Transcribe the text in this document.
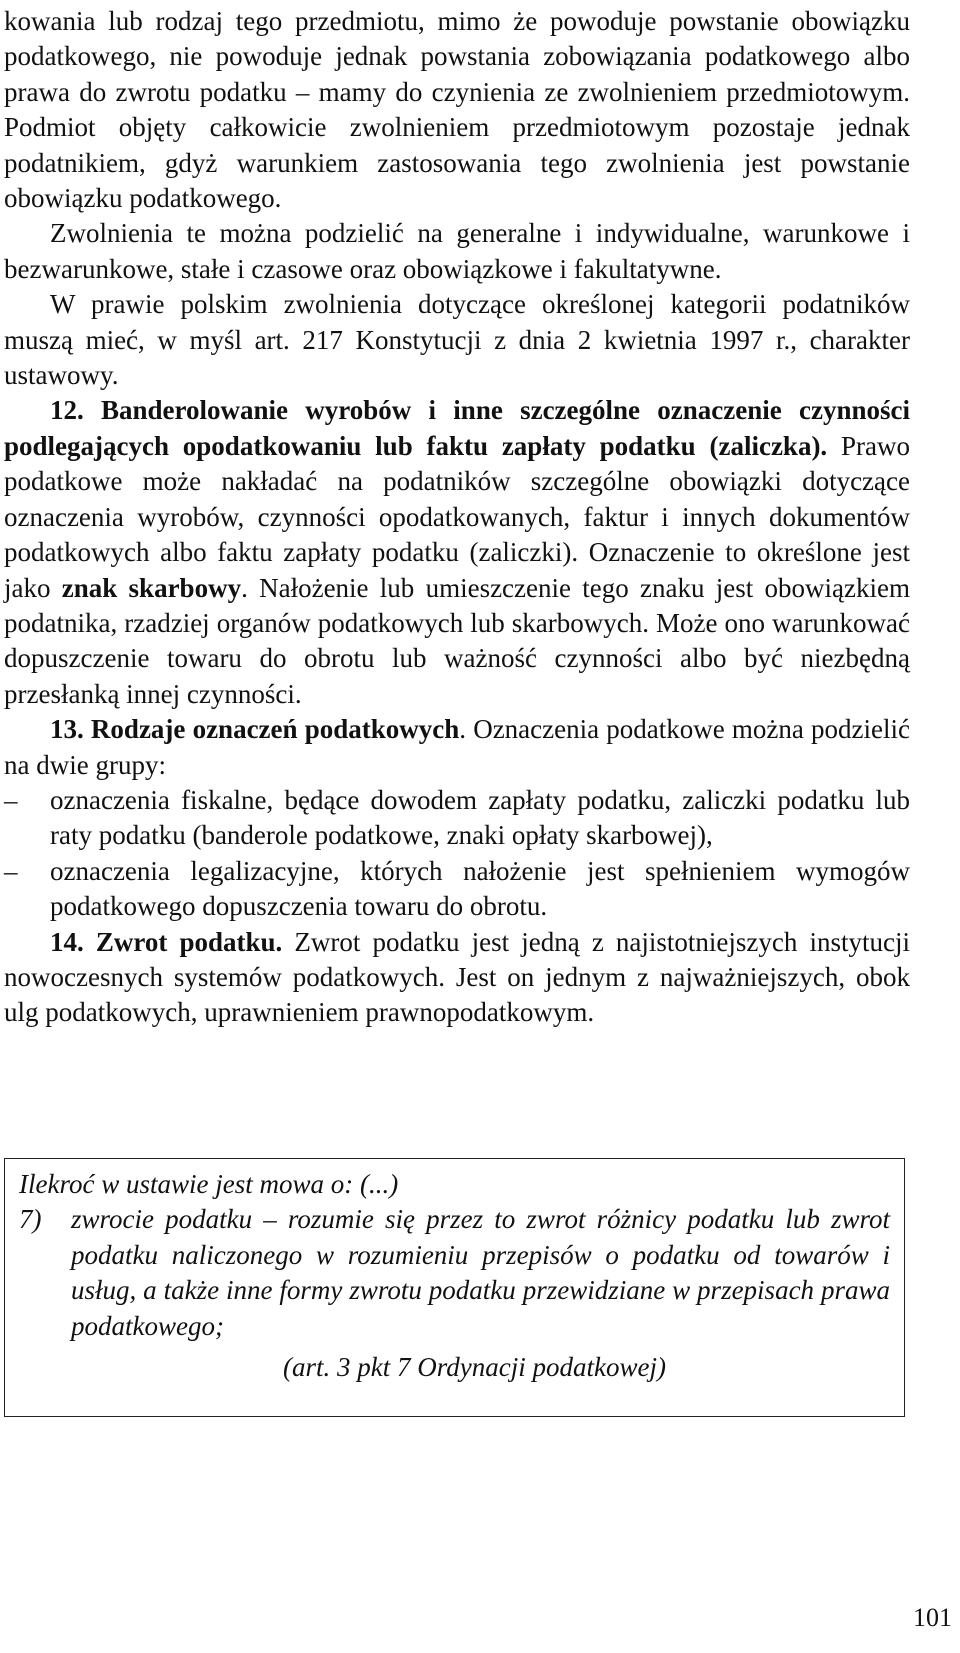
kowania lub rodzaj tego przedmiotu, mimo że powoduje powstanie obowiązku podatkowego, nie powoduje jednak powstania zobowiązania podatkowego albo prawa do zwrotu podatku – mamy do czynienia ze zwolnieniem przedmiotowym. Podmiot objęty całkowicie zwolnieniem przedmiotowym pozostaje jednak podatnikiem, gdyż warunkiem zastosowania tego zwolnienia jest powstanie obowiązku podatkowego.

Zwolnienia te można podzielić na generalne i indywidualne, warunkowe i bezwarunkowe, stałe i czasowe oraz obowiązkowe i fakultatywne.

W prawie polskim zwolnienia dotyczące określonej kategorii podatników muszą mieć, w myśl art. 217 Konstytucji z dnia 2 kwietnia 1997 r., charakter ustawowy.

12. Banderolowanie wyrobów i inne szczególne oznaczenie czynności podlegających opodatkowaniu lub faktu zapłaty podatku (zaliczka). Prawo podatkowe może nakładać na podatników szczególne obowiązki dotyczące oznaczenia wyrobów, czynności opodatkowanych, faktur i innych dokumentów podatkowych albo faktu zapłaty podatku (zaliczki). Oznaczenie to określone jest jako znak skarbowy. Nałożenie lub umieszczenie tego znaku jest obowiązkiem podatnika, rzadziej organów podatkowych lub skarbowych. Może ono warunkować dopuszczenie towaru do obrotu lub ważność czynności albo być niezbędną przesłanką innej czynności.

13. Rodzaje oznaczeń podatkowych. Oznaczenia podatkowe można podzielić na dwie grupy:

– oznaczenia fiskalne, będące dowodem zapłaty podatku, zaliczki podatku lub raty podatku (banderole podatkowe, znaki opłaty skarbowej),
– oznaczenia legalizacyjne, których nałożenie jest spełnieniem wymogów podatkowego dopuszczenia towaru do obrotu.

14. Zwrot podatku. Zwrot podatku jest jedną z najistotniejszych instytucji nowoczesnych systemów podatkowych. Jest on jednym z najważniejszych, obok ulg podatkowych, uprawnieniem prawnopodatkowym.

Ilekroć w ustawie jest mowa o: (...)

7) zwrocie podatku – rozumie się przez to zwrot różnicy podatku lub zwrot podatku naliczonego w rozumieniu przepisów o podatku od towarów i usług, a także inne formy zwrotu podatku przewidziane w przepisach prawa podatkowego;

(art. 3 pkt 7 Ordynacji podatkowej)

101
